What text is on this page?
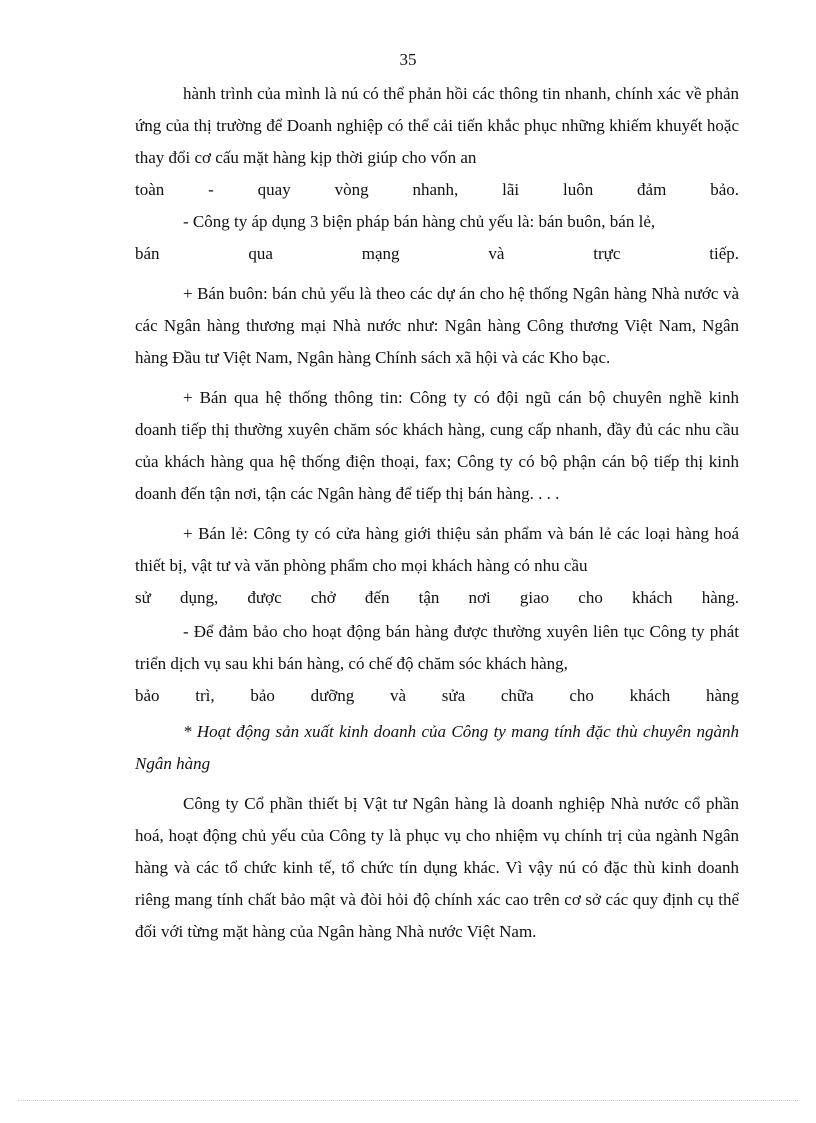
35

hành trình của mình là nú có thể phản hồi các thông tin nhanh, chính xác về phản ứng của thị trường để Doanh nghiệp có thể cải tiến khắc phục những khiếm khuyết hoặc thay đổi cơ cấu mặt hàng kịp thời giúp cho vốn an

toàn - quay vòng nhanh, lãi luôn đảm bảo.

- Công ty áp dụng 3 biện pháp bán hàng chủ yếu là: bán buôn, bán lẻ,

bán qua mạng và trực tiếp.

+ Bán buôn: bán chủ yếu là theo các dự án cho hệ thống Ngân hàng Nhà nước và các Ngân hàng thương mại Nhà nước như: Ngân hàng Công thương Việt Nam, Ngân hàng Đầu tư Việt Nam, Ngân hàng Chính sách xã hội và các Kho bạc.

+ Bán qua hệ thống thông tin: Công ty có đội ngũ cán bộ chuyên nghề kinh doanh tiếp thị thường xuyên chăm sóc khách hàng, cung cấp nhanh, đầy đủ các nhu cầu của khách hàng qua hệ thống điện thoại, fax; Công ty có bộ phận cán bộ tiếp thị kinh doanh đến tận nơi, tận các Ngân hàng để tiếp thị bán hàng. . . .

+ Bán lẻ: Công ty có cửa hàng giới thiệu sản phẩm và bán lẻ các loại hàng hoá thiết bị, vật tư và văn phòng phẩm cho mọi khách hàng có nhu cầu

sử dụng, được chở đến tận nơi giao cho khách hàng.

- Để đảm bảo cho hoạt động bán hàng được thường xuyên liên tục Công ty phát triển dịch vụ sau khi bán hàng, có chế độ chăm sóc khách hàng,

bảo trì, bảo dưỡng và sửa chữa cho khách hàng

* Hoạt động sản xuất kinh doanh của Công ty mang tính đặc thù chuyên ngành Ngân hàng

Công ty Cổ phần thiết bị Vật tư Ngân hàng là doanh nghiệp Nhà nước cổ phần hoá, hoạt động chủ yếu của Công ty là phục vụ cho nhiệm vụ chính trị của ngành Ngân hàng và các tổ chức kinh tế, tổ chức tín dụng khác. Vì vậy nú có đặc thù kinh doanh riêng mang tính chất bảo mật và đòi hỏi độ chính xác cao trên cơ sở các quy định cụ thể đối với từng mặt hàng của Ngân hàng Nhà nước Việt Nam.
